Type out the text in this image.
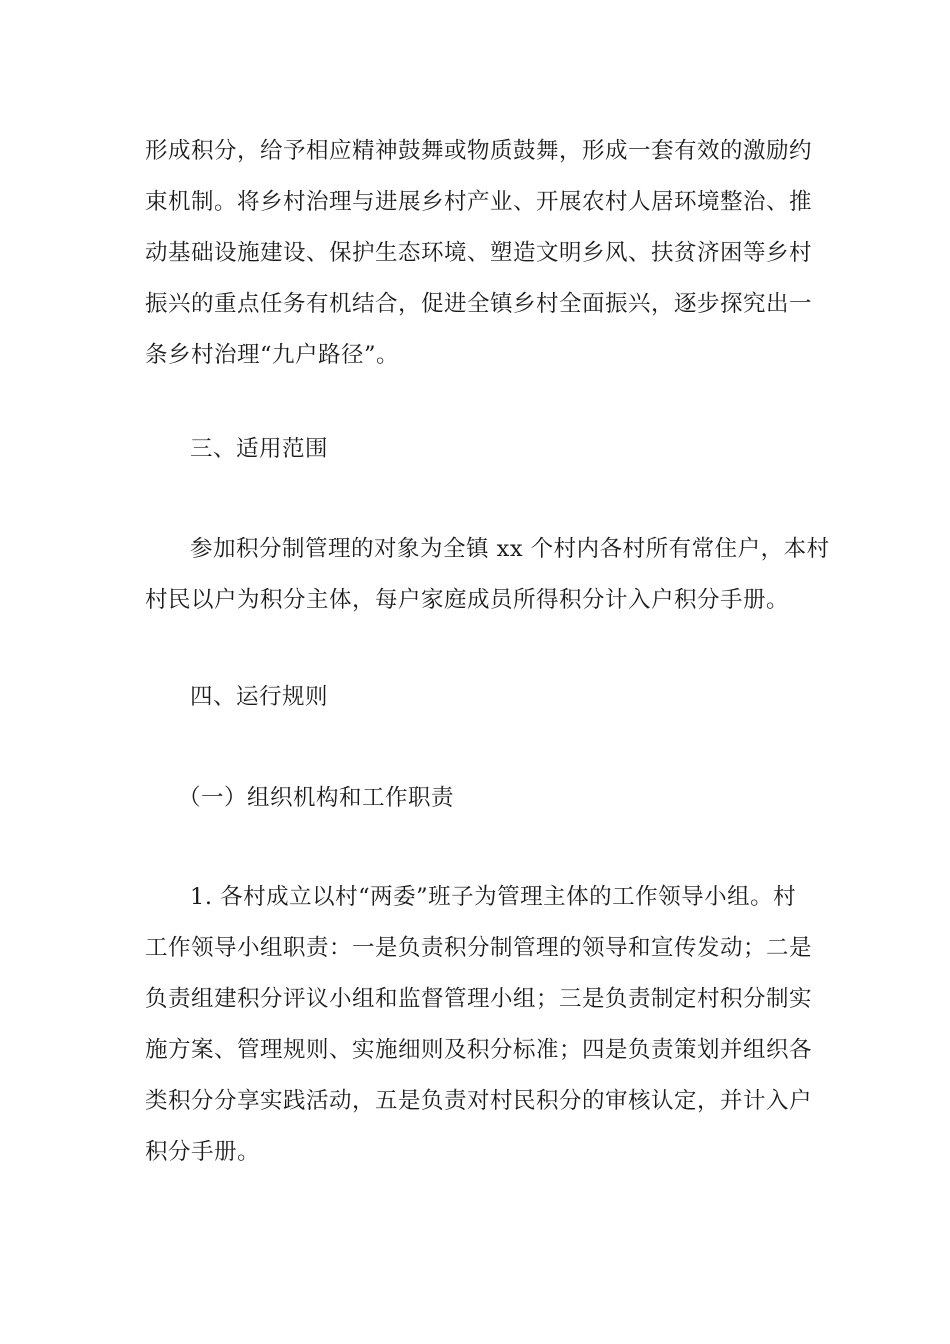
形成积分，给予相应精神鼓舞或物质鼓舞，形成一套有效的激励约
束机制。将乡村治理与进展乡村产业、开展农村人居环境整治、推
动基础设施建设、保护生态环境、塑造文明乡风、扶贫济困等乡村
振兴的重点任务有机结合，促进全镇乡村全面振兴，逐步探究出一
条乡村治理“九户路径”。
三、适用范围
参加积分制管理的对象为全镇 xx 个村内各村所有常住户，本村
村民以户为积分主体，每户家庭成员所得积分计入户积分手册。
四、运行规则
（一）组织机构和工作职责
1. 各村成立以村“两委”班子为管理主体的工作领导小组。村
工作领导小组职责：一是负责积分制管理的领导和宣传发动；二是
负责组建积分评议小组和监督管理小组；三是负责制定村积分制实
施方案、管理规则、实施细则及积分标准；四是负责策划并组织各
类积分分享实践活动，五是负责对村民积分的审核认定，并计入户
积分手册。
